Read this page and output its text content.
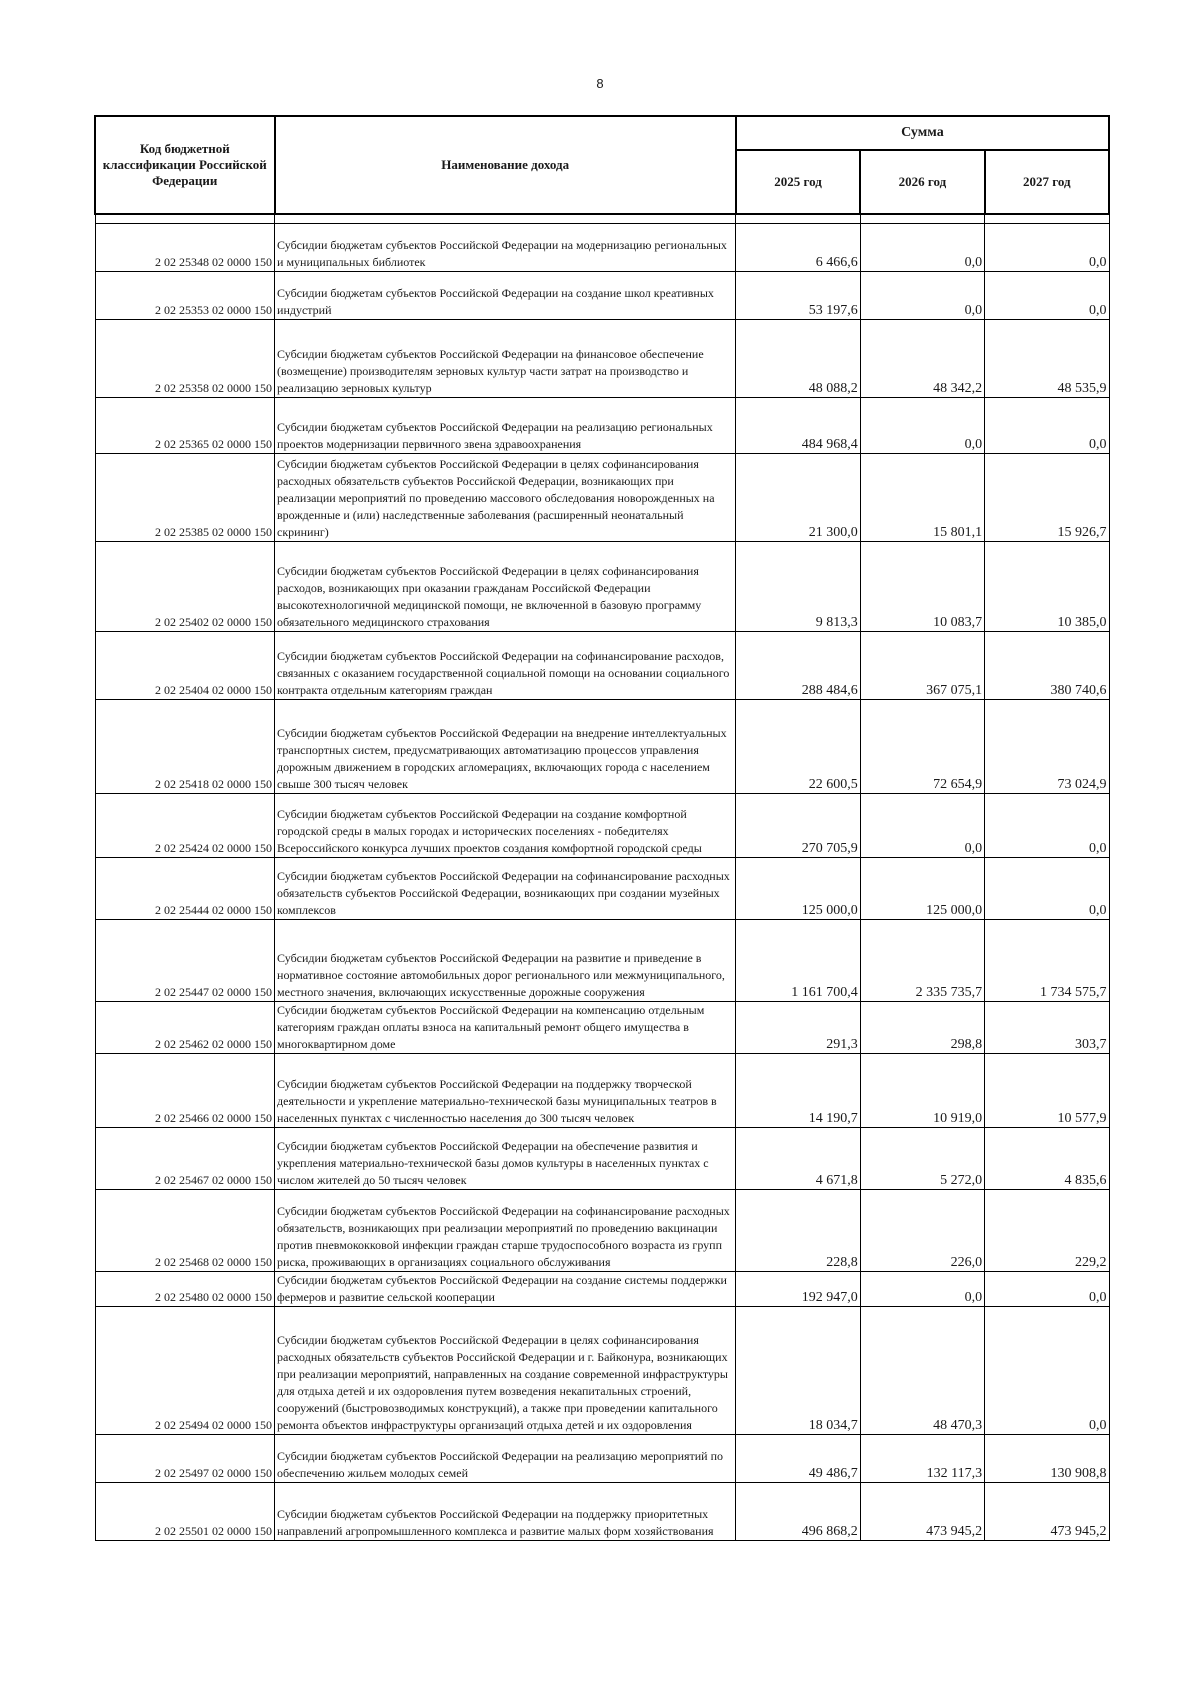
8
Код бюджетной классификации Российской Федерации	Наименование дохода	Сумма		
		2025 год	2026 год	2027 год

2 02 25348 02 0000 150	Субсидии бюджетам субъектов Российской Федерации на модернизацию региональных и муниципальных библиотек	6 466,6	0,0	0,0
2 02 25353 02 0000 150	Субсидии бюджетам субъектов Российской Федерации на создание школ креативных индустрий	53 197,6	0,0	0,0
2 02 25358 02 0000 150	Субсидии бюджетам субъектов Российской Федерации на финансовое обеспечение (возмещение) производителям зерновых культур части затрат на производство и реализацию зерновых культур	48 088,2	48 342,2	48 535,9
2 02 25365 02 0000 150	Субсидии бюджетам субъектов Российской Федерации на реализацию региональных проектов модернизации первичного звена здравоохранения	484 968,4	0,0	0,0
2 02 25385 02 0000 150	Субсидии бюджетам субъектов Российской Федерации в целях софинансирования расходных обязательств субъектов Российской Федерации, возникающих при реализации мероприятий по проведению массового обследования новорожденных на врожденные и (или) наследственные заболевания (расширенный неонатальный скрининг)	21 300,0	15 801,1	15 926,7
2 02 25402 02 0000 150	Субсидии бюджетам субъектов Российской Федерации в целях софинансирования расходов, возникающих при оказании гражданам Российской Федерации высокотехнологичной медицинской помощи, не включенной в базовую программу обязательного медицинского страхования	9 813,3	10 083,7	10 385,0
2 02 25404 02 0000 150	Субсидии бюджетам субъектов Российской Федерации на софинансирование расходов, связанных с оказанием государственной социальной помощи на основании социального контракта отдельным категориям граждан	288 484,6	367 075,1	380 740,6
2 02 25418 02 0000 150	Субсидии бюджетам субъектов Российской Федерации на внедрение интеллектуальных транспортных систем, предусматривающих автоматизацию процессов управления дорожным движением в городских агломерациях, включающих города с населением свыше 300 тысяч человек	22 600,5	72 654,9	73 024,9
2 02 25424 02 0000 150	Субсидии бюджетам субъектов Российской Федерации на создание комфортной городской среды в малых городах и исторических поселениях - победителях Всероссийского конкурса лучших проектов создания комфортной городской среды	270 705,9	0,0	0,0
2 02 25444 02 0000 150	Субсидии бюджетам субъектов Российской Федерации на софинансирование расходных обязательств субъектов Российской Федерации, возникающих при создании музейных комплексов	125 000,0	125 000,0	0,0
2 02 25447 02 0000 150	Субсидии бюджетам субъектов Российской Федерации на развитие и приведение в нормативное состояние автомобильных дорог регионального или межмуниципального, местного значения, включающих искусственные дорожные сооружения	1 161 700,4	2 335 735,7	1 734 575,7
2 02 25462 02 0000 150	Субсидии бюджетам субъектов Российской Федерации на компенсацию отдельным категориям граждан оплаты взноса на капитальный ремонт общего имущества в многоквартирном доме	291,3	298,8	303,7
2 02 25466 02 0000 150	Субсидии бюджетам субъектов Российской Федерации на поддержку творческой деятельности и укрепление материально-технической базы муниципальных театров в населенных пунктах с численностью населения до 300 тысяч человек	14 190,7	10 919,0	10 577,9
2 02 25467 02 0000 150	Субсидии бюджетам субъектов Российской Федерации на обеспечение развития и укрепления материально-технической базы домов культуры в населенных пунктах с числом жителей до 50 тысяч человек	4 671,8	5 272,0	4 835,6
2 02 25468 02 0000 150	Субсидии бюджетам субъектов Российской Федерации на софинансирование расходных обязательств, возникающих при реализации мероприятий по проведению вакцинации против пневмококковой инфекции граждан старше трудоспособного возраста из групп риска, проживающих в организациях социального обслуживания	228,8	226,0	229,2
2 02 25480 02 0000 150	Субсидии бюджетам субъектов Российской Федерации на создание системы поддержки фермеров и развитие сельской кооперации	192 947,0	0,0	0,0
2 02 25494 02 0000 150	Субсидии бюджетам субъектов Российской Федерации в целях софинансирования расходных обязательств субъектов Российской Федерации и г. Байконура, возникающих при реализации мероприятий, направленных на создание современной инфраструктуры для отдыха детей и их оздоровления путем возведения некапитальных строений, сооружений (быстровозводимых конструкций), а также при проведении капитального ремонта объектов инфраструктуры организаций отдыха детей и их оздоровления	18 034,7	48 470,3	0,0
2 02 25497 02 0000 150	Субсидии бюджетам субъектов Российской Федерации на реализацию мероприятий по обеспечению жильем молодых семей	49 486,7	132 117,3	130 908,8
2 02 25501 02 0000 150	Субсидии бюджетам субъектов Российской Федерации на поддержку приоритетных направлений агропромышленного комплекса и развитие малых форм хозяйствования	496 868,2	473 945,2	473 945,2
